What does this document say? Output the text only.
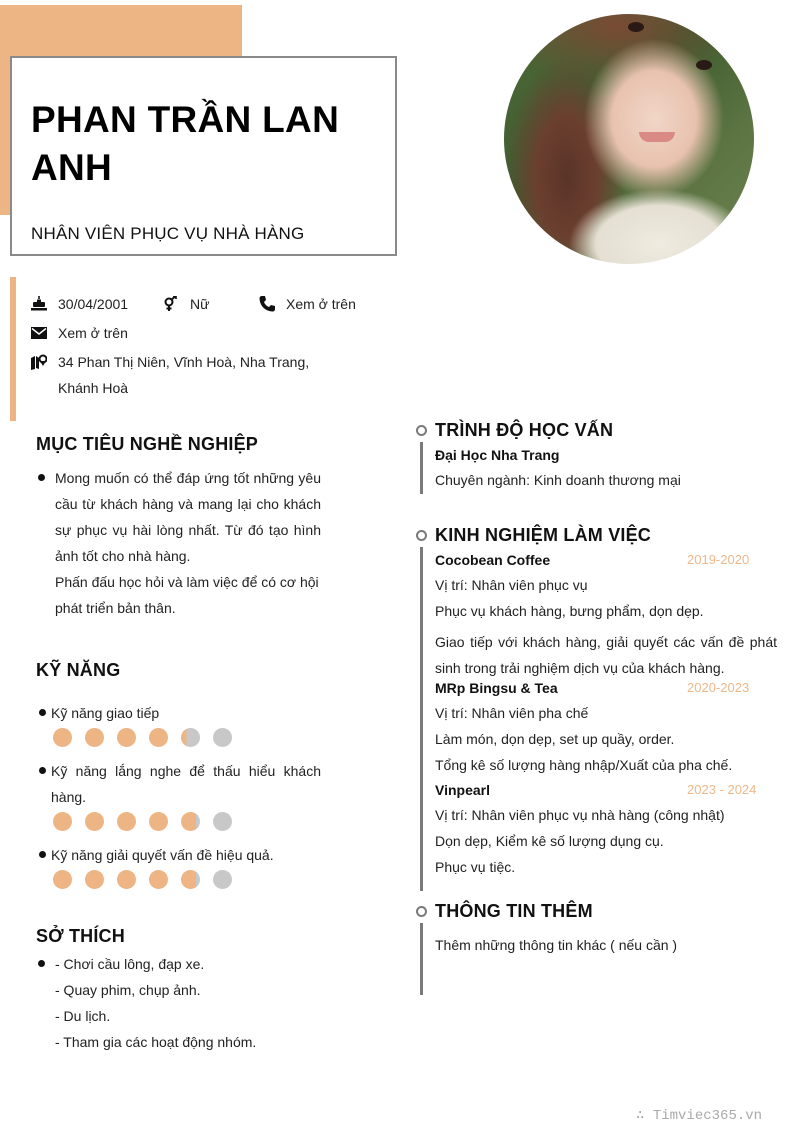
PHAN TRẦN LAN ANH
NHÂN VIÊN PHỤC VỤ NHÀ HÀNG
30/04/2001	Nữ	Xem ở trên
Xem ở trên
34 Phan Thị Niên, Vĩnh Hoà, Nha Trang, Khánh Hoà
MỤC TIÊU NGHỀ NGHIỆP
Mong muốn có thể đáp ứng tốt những yêu cầu từ khách hàng và mang lại cho khách sự phục vụ hài lòng nhất. Từ đó tạo hình ảnh tốt cho nhà hàng.
Phấn đấu học hỏi và làm việc để có cơ hội phát triển bản thân.
KỸ NĂNG
Kỹ năng giao tiếp
Kỹ năng lắng nghe để thấu hiểu khách hàng.
Kỹ năng giải quyết vấn đề hiệu quả.
SỞ THÍCH
- Chơi cầu lông, đạp xe.
- Quay phim, chụp ảnh.
- Du lịch.
- Tham gia các hoạt động nhóm.
TRÌNH ĐỘ HỌC VẤN
Đại Học Nha Trang
Chuyên ngành: Kinh doanh thương mại
KINH NGHIỆM LÀM VIỆC
Cocobean Coffee	2019-2020
Vị trí: Nhân viên phục vụ
Phục vụ khách hàng, bưng phẩm, dọn dẹp.
Giao tiếp với khách hàng, giải quyết các vấn đề phát sinh trong trải nghiệm dịch vụ của khách hàng.
MRp Bingsu & Tea	2020-2023
Vị trí: Nhân viên pha chế
Làm món, dọn dẹp, set up quầy, order.
Tổng kê số lượng hàng nhập/Xuất của pha chế.
Vinpearl	2023 - 2024
Vị trí: Nhân viên phục vụ nhà hàng (công nhật)
Dọn dẹp, Kiểm kê số lượng dụng cụ.
Phục vụ tiệc.
THÔNG TIN THÊM
Thêm những thông tin khác ( nếu cần )
∴ Timviec365.vn
